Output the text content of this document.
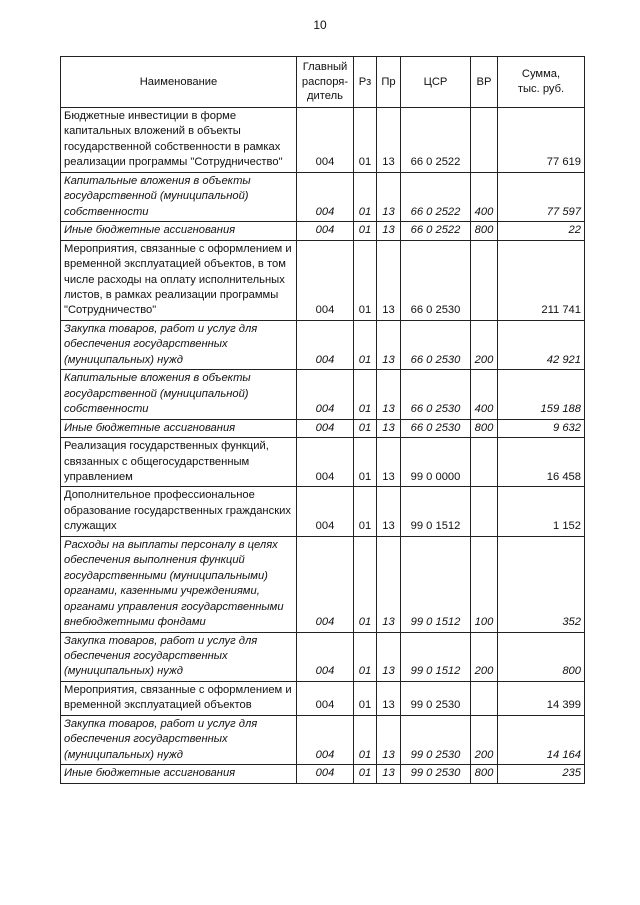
10
Наименование	Главный
распоря-
дитель	Рз	Пр	ЦСР	ВР	Сумма,
тыс. руб.
Бюджетные инвестиции в форме капитальных вложений в объекты государственной собственности в рамках реализации программы "Сотрудничество"	004	01	13	66 0 2522		77 619
Капитальные вложения в объекты государственной (муниципальной) собственности	004	01	13	66 0 2522	400	77 597
Иные бюджетные ассигнования	004	01	13	66 0 2522	800	22
Мероприятия, связанные с оформлением и временной эксплуатацией объектов, в том числе расходы на оплату исполнительных листов, в рамках реализации программы "Сотрудничество"	004	01	13	66 0 2530		211 741
Закупка товаров, работ и услуг для обеспечения государственных (муниципальных) нужд	004	01	13	66 0 2530	200	42 921
Капитальные вложения в объекты государственной (муниципальной) собственности	004	01	13	66 0 2530	400	159 188
Иные бюджетные ассигнования	004	01	13	66 0 2530	800	9 632
Реализация государственных функций, связанных с общегосударственным управлением	004	01	13	99 0 0000		16 458
Дополнительное профессиональное образование государственных гражданских служащих	004	01	13	99 0 1512		1 152
Расходы на выплаты персоналу в целях обеспечения выполнения функций государственными (муниципальными) органами, казенными учреждениями, органами управления государственными внебюджетными фондами	004	01	13	99 0 1512	100	352
Закупка товаров, работ и услуг для обеспечения государственных (муниципальных) нужд	004	01	13	99 0 1512	200	800
Мероприятия, связанные с оформлением и временной эксплуатацией объектов	004	01	13	99 0 2530		14 399
Закупка товаров, работ и услуг для обеспечения государственных (муниципальных) нужд	004	01	13	99 0 2530	200	14 164
Иные бюджетные ассигнования	004	01	13	99 0 2530	800	235
